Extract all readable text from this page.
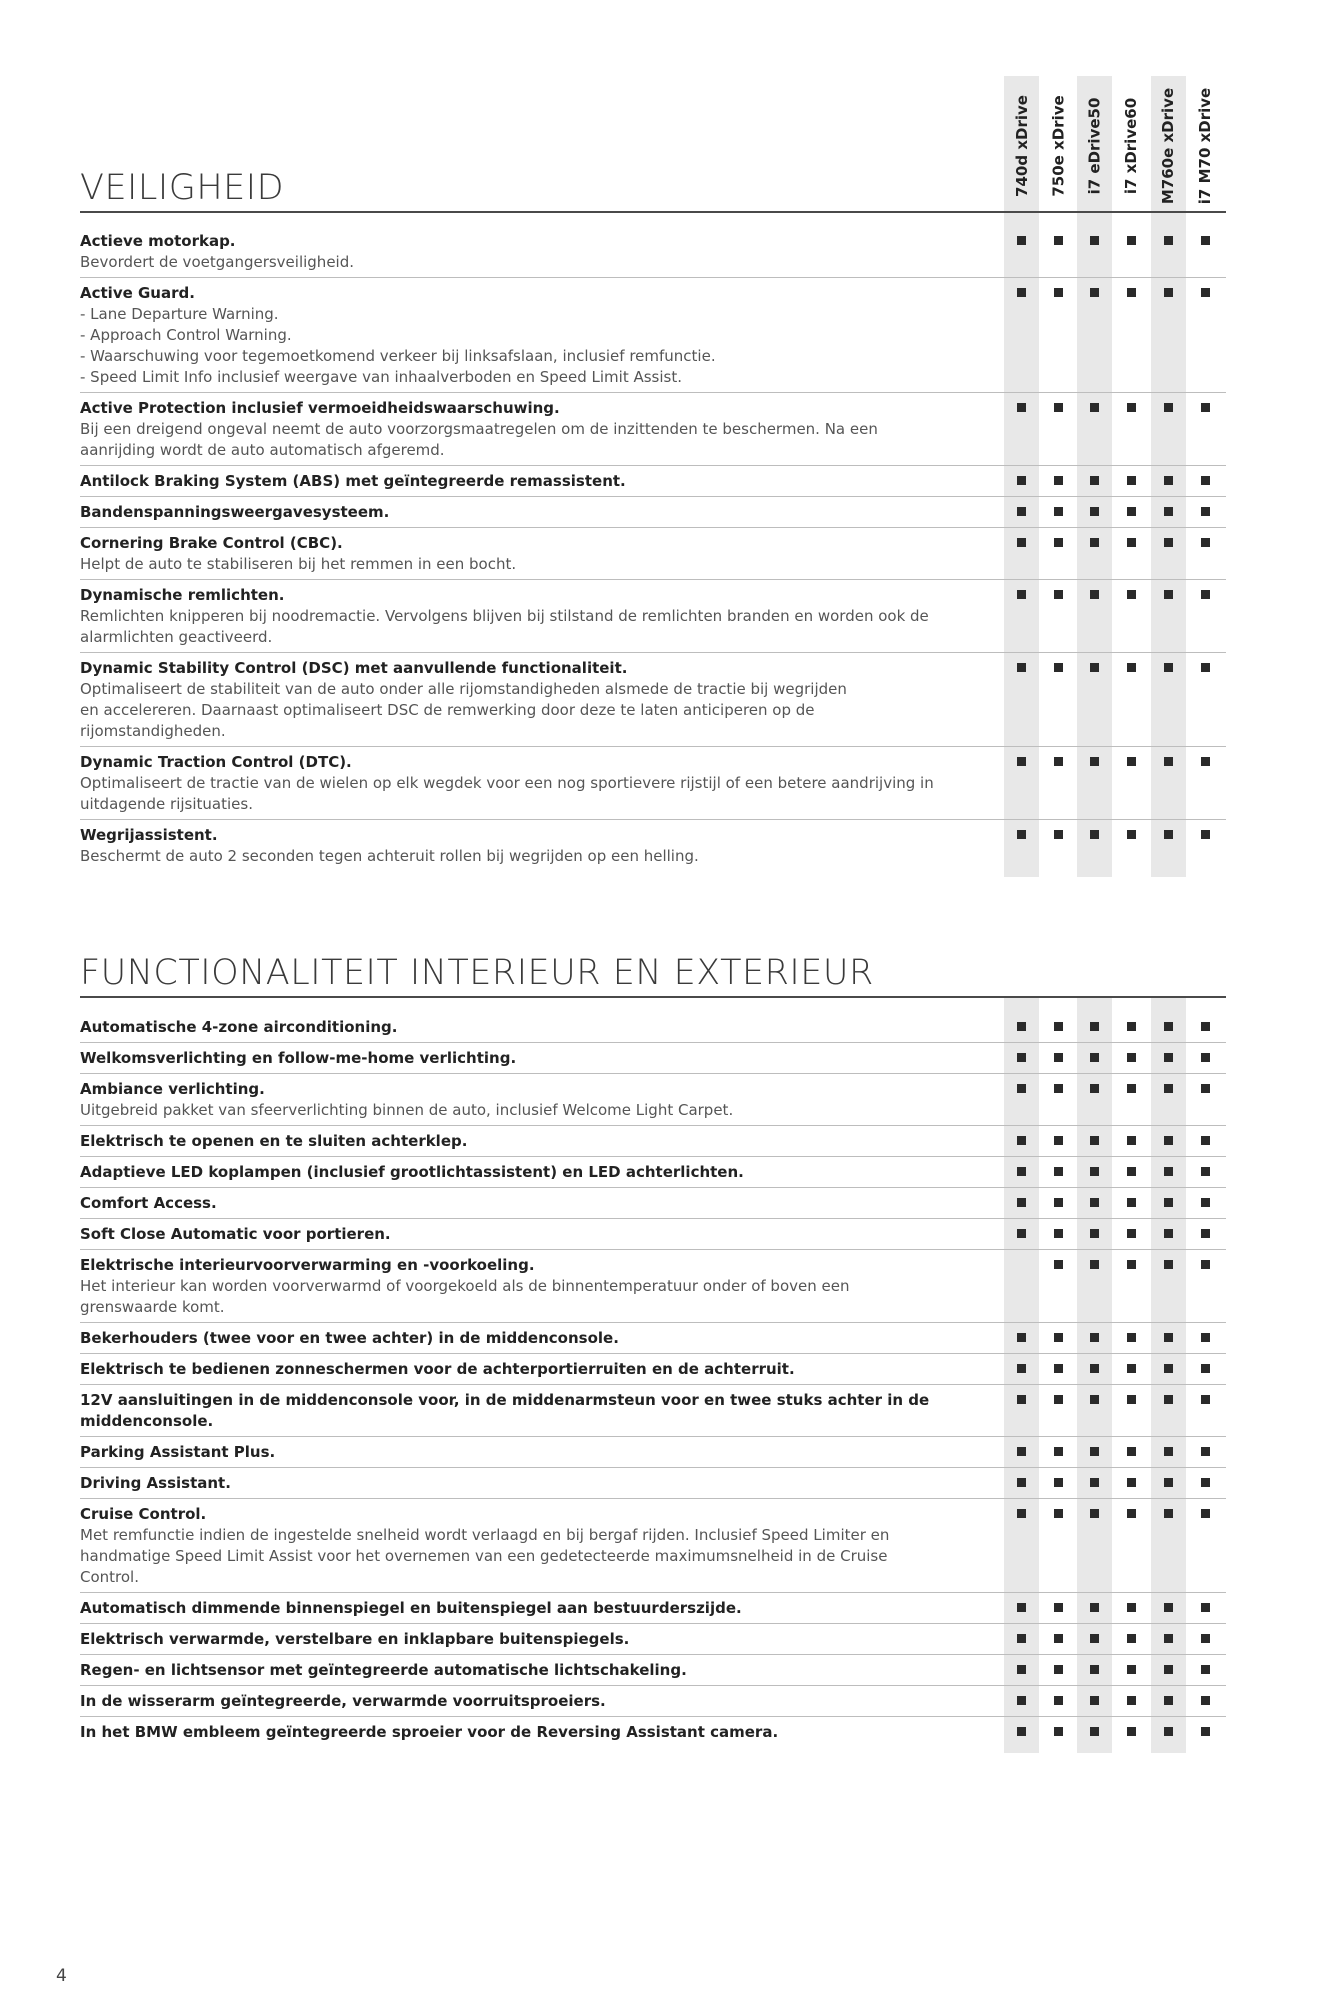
740d xDrive 750e xDrive i7 eDrive50 i7 xDrive60 M760e xDrive i7 M70 xDrive
VEILIGHEID
Actieve motorkap.
Bevordert de voetgangersveiligheid.
Active Guard.
- Lane Departure Warning.
- Approach Control Warning.
- Waarschuwing voor tegemoetkomend verkeer bij linksafslaan, inclusief remfunctie.
- Speed Limit Info inclusief weergave van inhaalverboden en Speed Limit Assist.
Active Protection inclusief vermoeidheidswaarschuwing.
Bij een dreigend ongeval neemt de auto voorzorgsmaatregelen om de inzittenden te beschermen. Na een
aanrijding wordt de auto automatisch afgeremd.
Antilock Braking System (ABS) met geïntegreerde remassistent.
Bandenspanningsweergavesysteem.
Cornering Brake Control (CBC).
Helpt de auto te stabiliseren bij het remmen in een bocht.
Dynamische remlichten.
Remlichten knipperen bij noodremactie. Vervolgens blijven bij stilstand de remlichten branden en worden ook de
alarmlichten geactiveerd.
Dynamic Stability Control (DSC) met aanvullende functionaliteit.
Optimaliseert de stabiliteit van de auto onder alle rijomstandigheden alsmede de tractie bij wegrijden
en accelereren. Daarnaast optimaliseert DSC de remwerking door deze te laten anticiperen op de
rijomstandigheden.
Dynamic Traction Control (DTC).
Optimaliseert de tractie van de wielen op elk wegdek voor een nog sportievere rijstijl of een betere aandrijving in
uitdagende rijsituaties.
Wegrijassistent.
Beschermt de auto 2 seconden tegen achteruit rollen bij wegrijden op een helling.
FUNCTIONALITEIT INTERIEUR EN EXTERIEUR
Automatische 4-zone airconditioning.
Welkomsverlichting en follow-me-home verlichting.
Ambiance verlichting.
Uitgebreid pakket van sfeerverlichting binnen de auto, inclusief Welcome Light Carpet.
Elektrisch te openen en te sluiten achterklep.
Adaptieve LED koplampen (inclusief grootlichtassistent) en LED achterlichten.
Comfort Access.
Soft Close Automatic voor portieren.
Elektrische interieurvoorverwarming en -voorkoeling.
Het interieur kan worden voorverwarmd of voorgekoeld als de binnentemperatuur onder of boven een
grenswaarde komt.
Bekerhouders (twee voor en twee achter) in de middenconsole.
Elektrisch te bedienen zonneschermen voor de achterportierruiten en de achterruit.
12V aansluitingen in de middenconsole voor, in de middenarmsteun voor en twee stuks achter in de
middenconsole.
Parking Assistant Plus.
Driving Assistant.
Cruise Control.
Met remfunctie indien de ingestelde snelheid wordt verlaagd en bij bergaf rijden. Inclusief Speed Limiter en
handmatige Speed Limit Assist voor het overnemen van een gedetecteerde maximumsnelheid in de Cruise
Control.
Automatisch dimmende binnenspiegel en buitenspiegel aan bestuurderszijde.
Elektrisch verwarmde, verstelbare en inklapbare buitenspiegels.
Regen- en lichtsensor met geïntegreerde automatische lichtschakeling.
In de wisserarm geïntegreerde, verwarmde voorruitsproeiers.
In het BMW embleem geïntegreerde sproeier voor de Reversing Assistant camera.
4
